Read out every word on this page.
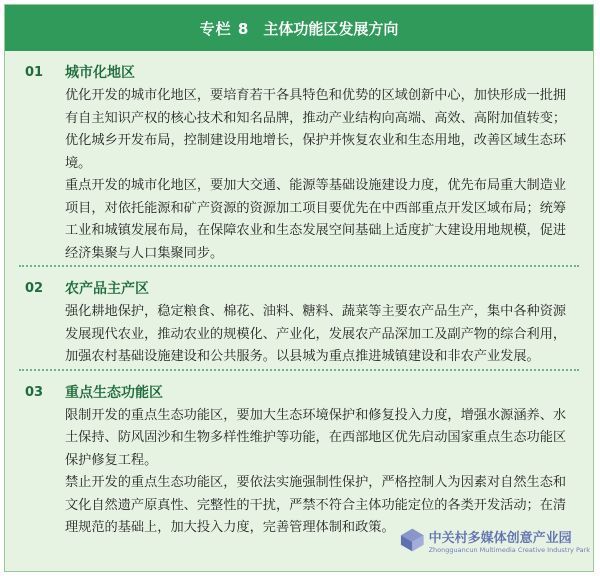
专栏 8 主体功能区发展方向
01	城市化地区

优化开发的城市化地区，要培育若干各具特色和优势的区域创新中心，加快形成一批拥有自主知识产权的核心技术和知名品牌，推动产业结构向高端、高效、高附加值转变；优化城乡开发布局，控制建设用地增长，保护并恢复农业和生态用地，改善区域生态环境。

重点开发的城市化地区，要加大交通、能源等基础设施建设力度，优先布局重大制造业项目，对依托能源和矿产资源的资源加工项目要优先在中西部重点开发区域布局；统筹工业和城镇发展布局，在保障农业和生态发展空间基础上适度扩大建设用地规模，促进经济集聚与人口集聚同步。

02	农产品主产区

强化耕地保护，稳定粮食、棉花、油料、糖料、蔬菜等主要农产品生产，集中各种资源发展现代农业，推动农业的规模化、产业化，发展农产品深加工及副产物的综合利用，加强农村基础设施建设和公共服务。以县城为重点推进城镇建设和非农产业发展。

03	重点生态功能区

限制开发的重点生态功能区，要加大生态环境保护和修复投入力度，增强水源涵养、水土保持、防风固沙和生物多样性维护等功能，在西部地区优先启动国家重点生态功能区保护修复工程。

禁止开发的重点生态功能区，要依法实施强制性保护，严格控制人为因素对自然生态和文化自然遗产原真性、完整性的干扰，严禁不符合主体功能定位的各类开发活动；在清理规范的基础上，加大投入力度，完善管理体制和政策。

中关村多媒体创意产业园
Zhongguancun Multimedia Creative Industry Park
